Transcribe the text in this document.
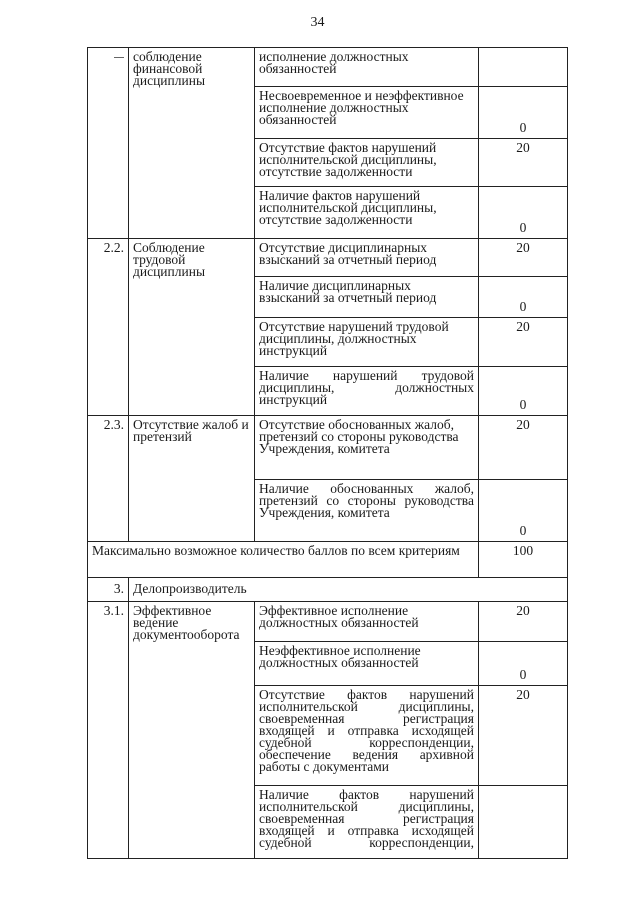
34
	соблюдение финансовой дисциплины	исполнение должностных обязанностей	
		Несвоевременное и неэффективное исполнение должностных обязанностей	0
		Отсутствие фактов нарушений исполнительской дисциплины, отсутствие задолженности	20
		Наличие фактов нарушений исполнительской дисциплины, отсутствие задолженности	0
2.2.	Соблюдение трудовой дисциплины	Отсутствие дисциплинарных взысканий за отчетный период	20
		Наличие дисциплинарных взысканий за отчетный период	0
		Отсутствие нарушений трудовой дисциплины, должностных инструкций	20
		Наличие нарушений трудовой дисциплины, должностных инструкций	0
2.3.	Отсутствие жалоб и претензий	Отсутствие обоснованных жалоб, претензий со стороны руководства Учреждения, комитета	20
		Наличие обоснованных жалоб, претензий со стороны руководства Учреждения, комитета	0
Максимально возможное количество баллов по всем критериям			100
3.	Делопроизводитель		
3.1.	Эффективное ведение документооборота	Эффективное исполнение должностных обязанностей	20
		Неэффективное исполнение должностных обязанностей	0
		Отсутствие фактов нарушений исполнительской дисциплины, своевременная регистрация входящей и отправка исходящей судебной корреспонденции, обеспечение ведения архивной работы с документами	20
		Наличие фактов нарушений исполнительской дисциплины, своевременная регистрация входящей и отправка исходящей судебной корреспонденции,	
